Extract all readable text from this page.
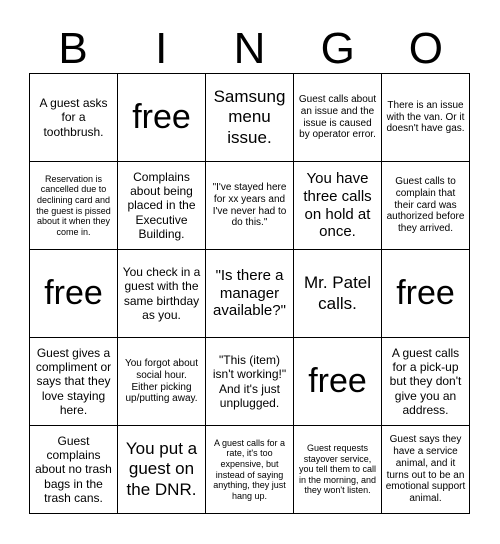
B	I	N	G	O
A guest asks for a toothbrush. free
Samsung menu issue.
Guest calls about an issue and the issue is caused by operator error.
There is an issue with the van. Or it doesn't have gas.
Reservation is cancelled due to declining card and the guest is pissed about it when they come in.
Complains about being placed in the Executive Building.
"I've stayed here for xx years and I've never had to do this."
You have three calls on hold at once.
Guest calls to complain that their card was authorized before they arrived.
free
You check in a guest with the same birthday as you.
"Is there a manager available?"
Mr. Patel calls.	free
Guest gives a compliment or says that they love staying here.
You forgot about social hour.
Either picking up/putting away.
"This (item) isn't working!"
And it's just unplugged.
free
A guest calls for a pick-up but they don't give you an address.
Guest complains about no trash bags in the trash cans.
You put a guest on the DNR.
A guest calls for a rate, it's too expensive, but instead of saying anything, they just hang up.
Guest requests stayover service, you tell them to call in the morning, and they won't listen.
Guest says they have a service animal, and it turns out to be an emotional support animal.
